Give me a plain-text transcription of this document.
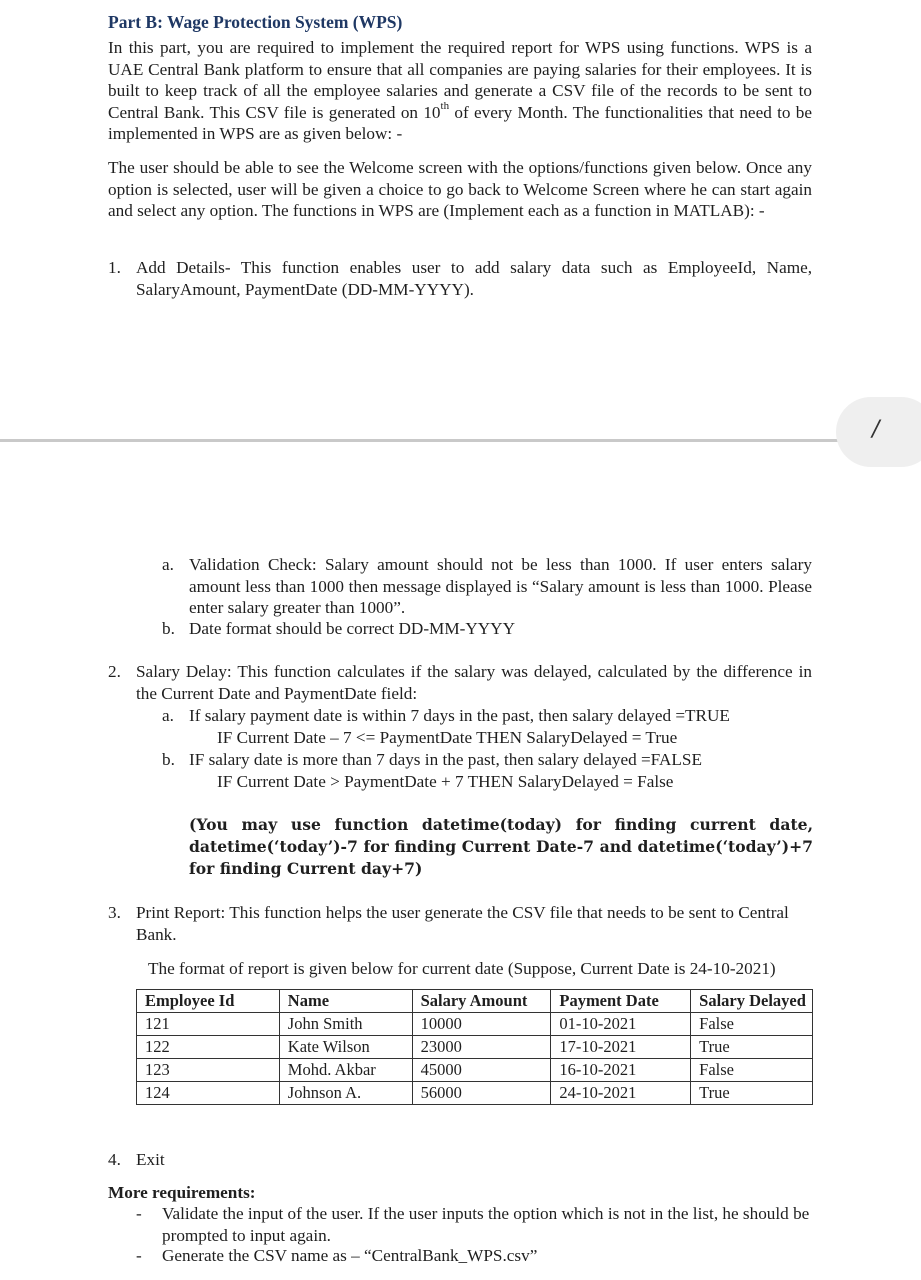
Part B: Wage Protection System (WPS)
In this part, you are required to implement the required report for WPS using functions. WPS is a UAE Central Bank platform to ensure that all companies are paying salaries for their employees. It is built to keep track of all the employee salaries and generate a CSV file of the records to be sent to Central Bank. This CSV file is generated on 10th of every Month. The functionalities that need to be implemented in WPS are as given below: -
The user should be able to see the Welcome screen with the options/functions given below. Once any option is selected, user will be given a choice to go back to Welcome Screen where he can start again and select any option. The functions in WPS are (Implement each as a function in MATLAB): -
1. Add Details- This function enables user to add salary data such as EmployeeId, Name, SalaryAmount, PaymentDate (DD-MM-YYYY).
/
a. Validation Check: Salary amount should not be less than 1000. If user enters salary amount less than 1000 then message displayed is “Salary amount is less than 1000. Please enter salary greater than 1000”.
b. Date format should be correct DD-MM-YYYY
2. Salary Delay: This function calculates if the salary was delayed, calculated by the difference in the Current Date and PaymentDate field:
a. If salary payment date is within 7 days in the past, then salary delayed =TRUE
IF Current Date – 7 <= PaymentDate THEN SalaryDelayed = True
b. IF salary date is more than 7 days in the past, then salary delayed =FALSE
IF Current Date > PaymentDate + 7 THEN SalaryDelayed = False
(You may use function datetime(today) for finding current date, datetime(‘today’)-7 for finding Current Date-7 and datetime(‘today’)+7 for finding Current day+7)
3. Print Report: This function helps the user generate the CSV file that needs to be sent to Central Bank.
The format of report is given below for current date (Suppose, Current Date is 24-10-2021)
Employee Id	Name	Salary Amount	Payment Date	Salary Delayed
121	John Smith	10000	01-10-2021	False
122	Kate Wilson	23000	17-10-2021	True
123	Mohd. Akbar	45000	16-10-2021	False
124	Johnson A.	56000	24-10-2021	True
4. Exit
More requirements:
- Validate the input of the user. If the user inputs the option which is not in the list, he should be prompted to input again.
- Generate the CSV name as – “CentralBank_WPS.csv”
